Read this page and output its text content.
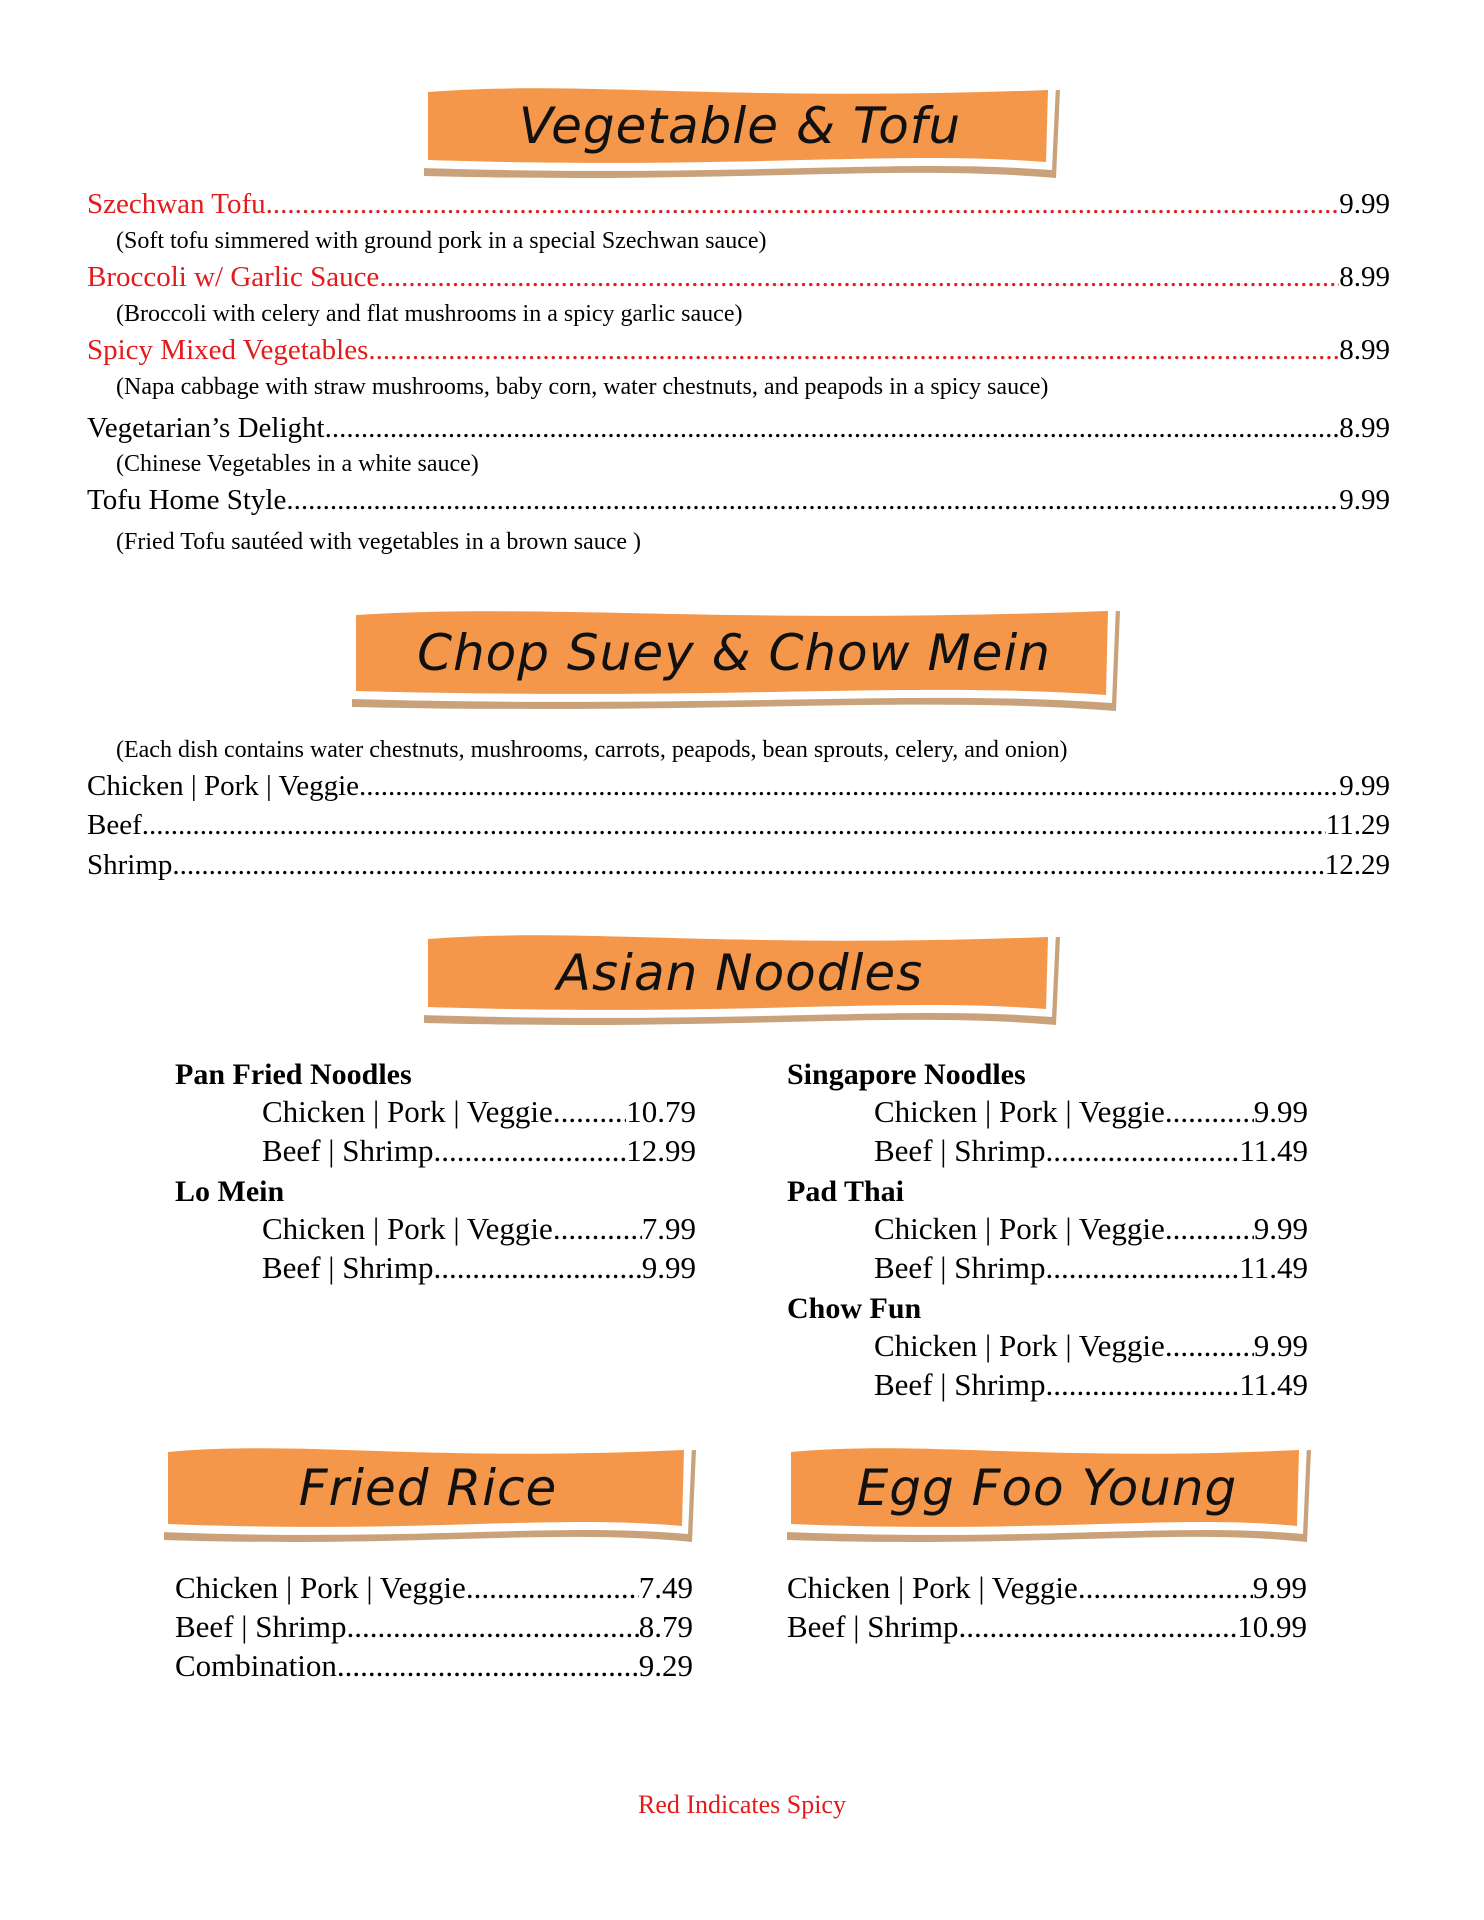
Vegetable & Tofu
Szechwan Tofu .....	9.99
(Soft tofu simmered with ground pork in a special Szechwan sauce)
Broccoli w/ Garlic Sauce .....	8.99
(Broccoli with celery and flat mushrooms in a spicy garlic sauce)
Spicy Mixed Vegetables .....	8.99
(Napa cabbage with straw mushrooms, baby corn, water chestnuts, and peapods in a spicy sauce)
Vegetarian’s Delight .....	8.99
(Chinese Vegetables in a white sauce)
Tofu Home Style .....	9.99
(Fried Tofu sautéed with vegetables in a brown sauce )
Chop Suey & Chow Mein
(Each dish contains water chestnuts, mushrooms, carrots, peapods, bean sprouts, celery, and onion)
Chicken | Pork | Veggie .....	9.99
Beef .....	11.29
Shrimp .....	12.29
Asian Noodles
Pan Fried Noodles
Chicken | Pork | Veggie ..... 10.79
Beef | Shrimp .....	12.99
Lo Mein
Chicken | Pork | Veggie .....	7.99
Beef | Shrimp .....	9.99
Singapore Noodles
Chicken | Pork | Veggie .....	9.99
Beef | Shrimp .....	11.49
Pad Thai
Chicken | Pork | Veggie .....	9.99
Beef | Shrimp .....	11.49
Chow Fun
Chicken | Pork | Veggie .....	9.99
Beef | Shrimp .....	11.49
Fried Rice	Egg Foo Young
Chicken | Pork | Veggie .....	7.49
Beef | Shrimp .....	8.79
Combination .....	9.29
Chicken | Pork | Veggie .....	9.99
Beef | Shrimp .....	10.99
Red Indicates Spicy
